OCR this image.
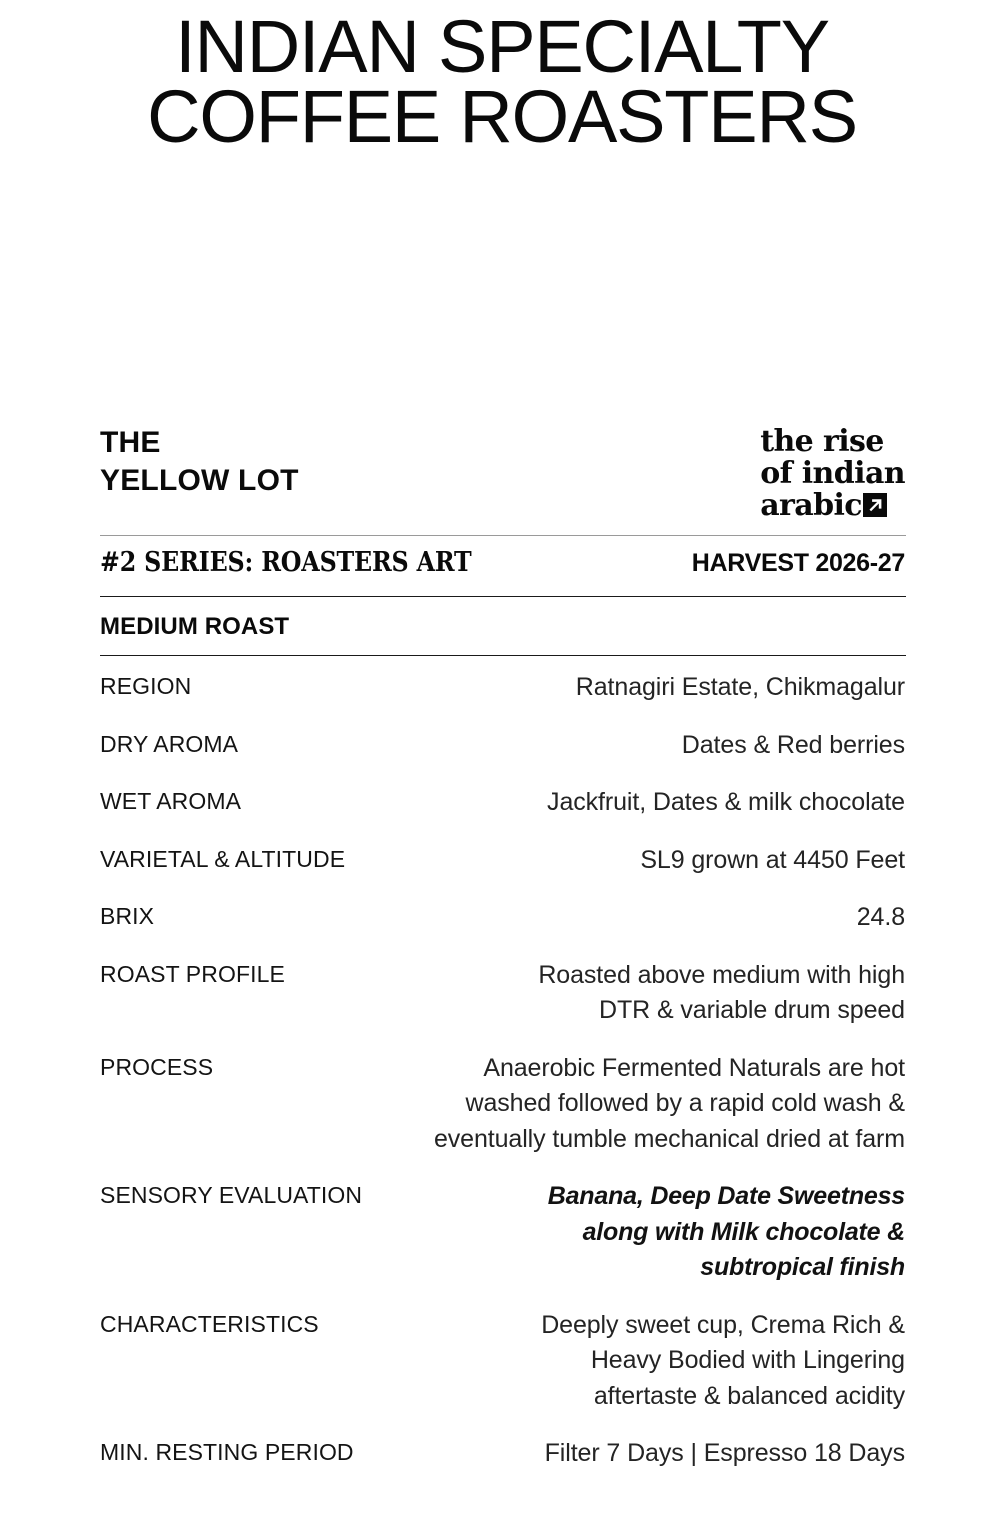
INDIAN SPECIALTY
COFFEE ROASTERS
THE
YELLOW LOT
the rise
of indian
arabic
#2 SERIES: ROASTERS ART	HARVEST 2026-27
MEDIUM ROAST
REGION	Ratnagiri Estate, Chikmagalur
DRY AROMA	Dates & Red berries
WET AROMA	Jackfruit, Dates & milk chocolate
VARIETAL & ALTITUDE	SL9 grown at 4450 Feet
BRIX	24.8
ROAST PROFILE	Roasted above medium with high
DTR & variable drum speed
PROCESS	Anaerobic Fermented Naturals are hot
washed followed by a rapid cold wash &
eventually tumble mechanical dried at farm
SENSORY EVALUATION	Banana, Deep Date Sweetness
along with Milk chocolate &
subtropical finish
CHARACTERISTICS	Deeply sweet cup, Crema Rich &
Heavy Bodied with Lingering
aftertaste & balanced acidity
MIN. RESTING PERIOD	Filter 7 Days | Espresso 18 Days
